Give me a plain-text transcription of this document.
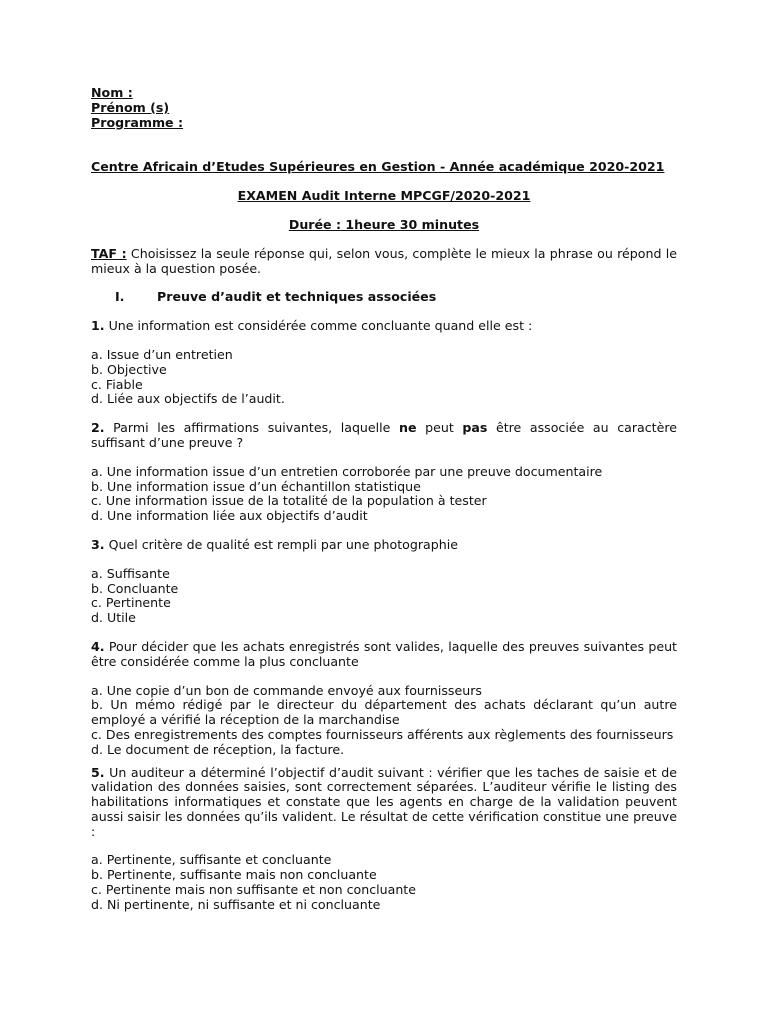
Nom :

Prénom (s)

Programme :

Centre Africain d’Etudes Supérieures en Gestion - Année académique 2020-2021

EXAMEN Audit Interne MPCGF/2020-2021

Durée : 1heure 30 minutes

TAF : Choisissez la seule réponse qui, selon vous, complète le mieux la phrase ou répond le mieux à la question posée.

I.	Preuve d’audit et techniques associées

1. Une information est considérée comme concluante quand elle est :

a. Issue d’un entretien
b. Objective
c. Fiable
d. Liée aux objectifs de l’audit.

2. Parmi les affirmations suivantes, laquelle ne peut pas être associée au caractère suffisant d’une preuve ?

a. Une information issue d’un entretien corroborée par une preuve documentaire
b. Une information issue d’un échantillon statistique
c. Une information issue de la totalité de la population à tester
d. Une information liée aux objectifs d’audit

3. Quel critère de qualité est rempli par une photographie

a. Suffisante
b. Concluante
c. Pertinente
d. Utile

4. Pour décider que les achats enregistrés sont valides, laquelle des preuves suivantes peut être considérée comme la plus concluante

a. Une copie d’un bon de commande envoyé aux fournisseurs
b. Un mémo rédigé par le directeur du département des achats déclarant qu’un autre employé a vérifié la réception de la marchandise
c. Des enregistrements des comptes fournisseurs afférents aux règlements des fournisseurs
d. Le document de réception, la facture.

5. Un auditeur a déterminé l’objectif d’audit suivant : vérifier que les taches de saisie et de validation des données saisies, sont correctement séparées. L’auditeur vérifie le listing des habilitations informatiques et constate que les agents en charge de la validation peuvent aussi saisir les données qu’ils valident. Le résultat de cette vérification constitue une preuve :

a. Pertinente, suffisante et concluante
b. Pertinente, suffisante mais non concluante
c. Pertinente mais non suffisante et non concluante
d. Ni pertinente, ni suffisante et ni concluante
